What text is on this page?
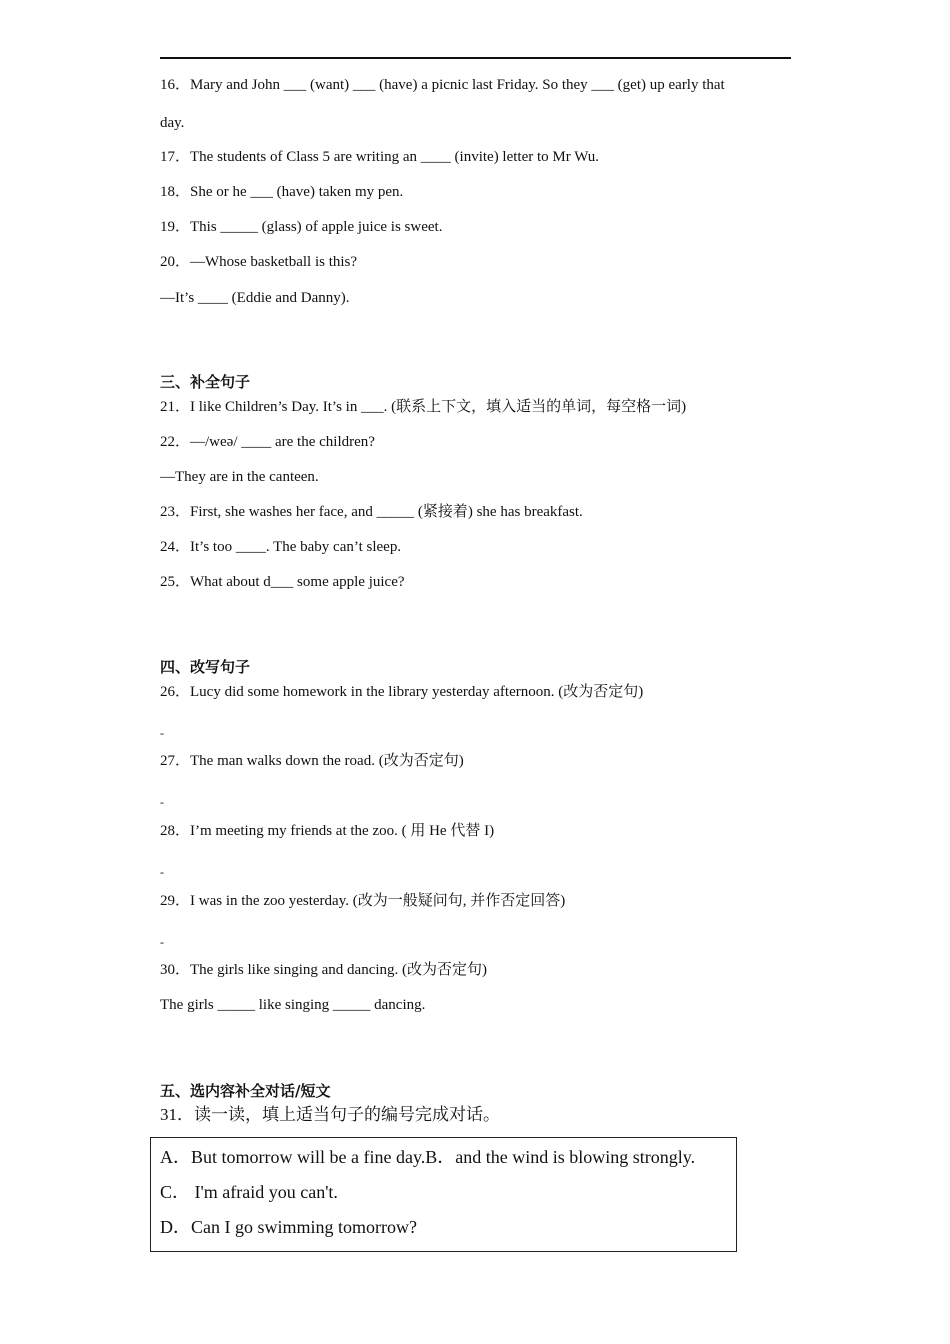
16．Mary and John ___ (want) ___ (have) a picnic last Friday. So they ___ (get) up early that
day.
17．The students of Class 5 are writing an ____ (invite) letter to Mr Wu.
18．She or he ___ (have) taken my pen.
19．This _____ (glass) of apple juice is sweet.
20．—Whose basketball is this?
—It’s ____ (Eddie and Danny).
三、补全句子
21．I like Children’s Day. It’s in ___. (联系上下文，填入适当的单词，每空格一词)
22．—/weə/ ____ are the children?
—They are in the canteen.
23．First, she washes her face, and _____ (紧接着) she has breakfast.
24．It’s too ____. The baby can’t sleep.
25．What about d___ some apple juice?
四、改写句子
26．Lucy did some homework in the library yesterday afternoon. (改为否定句)
-
27．The man walks down the road. (改为否定句)
-
28．I’m meeting my friends at the zoo. ( 用 He 代替 I)
-
29．I was in the zoo yesterday. (改为一般疑问句, 并作否定回答)
-
30．The girls like singing and dancing. (改为否定句)
The girls _____ like singing _____ dancing.
五、选内容补全对话/短文
31．读一读，填上适当句子的编号完成对话。
A．But tomorrow will be a fine day.B．and the wind is blowing strongly.
C． I'm afraid you can't.
D．Can I go swimming tomorrow?
